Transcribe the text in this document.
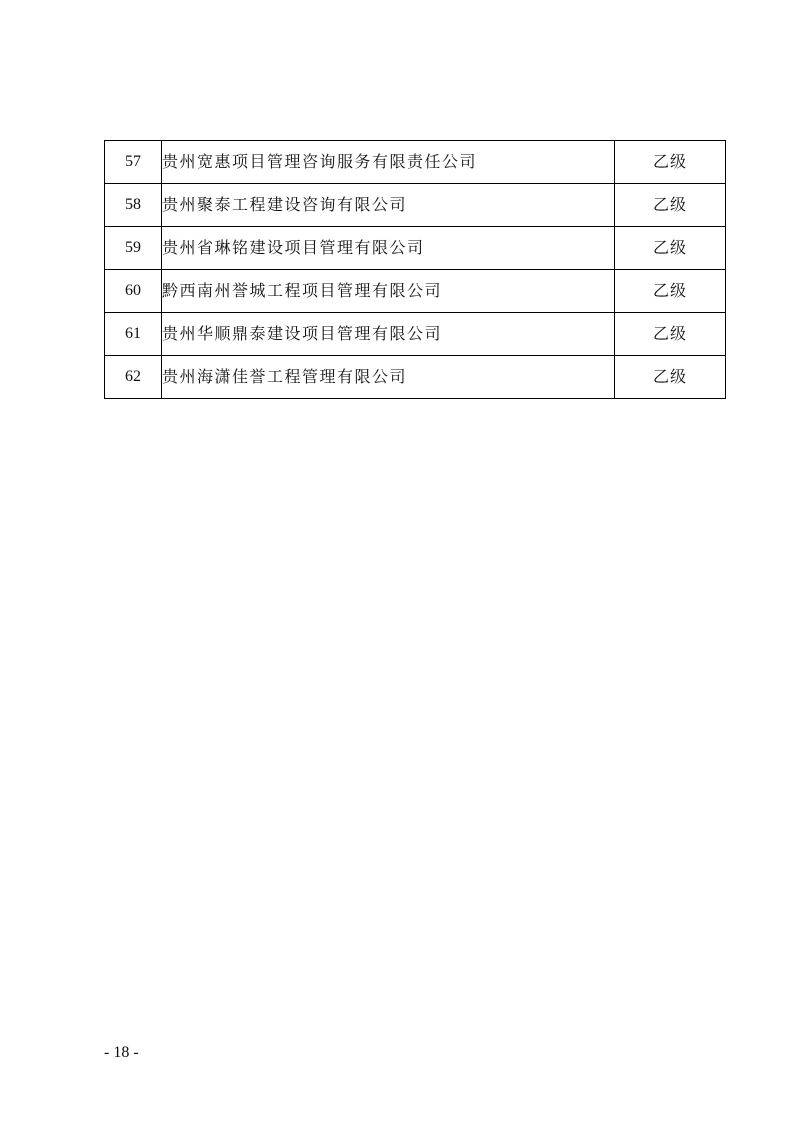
57	贵州宽惠项目管理咨询服务有限责任公司	乙级
58	贵州聚泰工程建设咨询有限公司	乙级
59	贵州省琳铭建设项目管理有限公司	乙级
60	黔西南州誉城工程项目管理有限公司	乙级
61	贵州华顺鼎泰建设项目管理有限公司	乙级
62	贵州海潇佳誉工程管理有限公司	乙级
- 18 -
